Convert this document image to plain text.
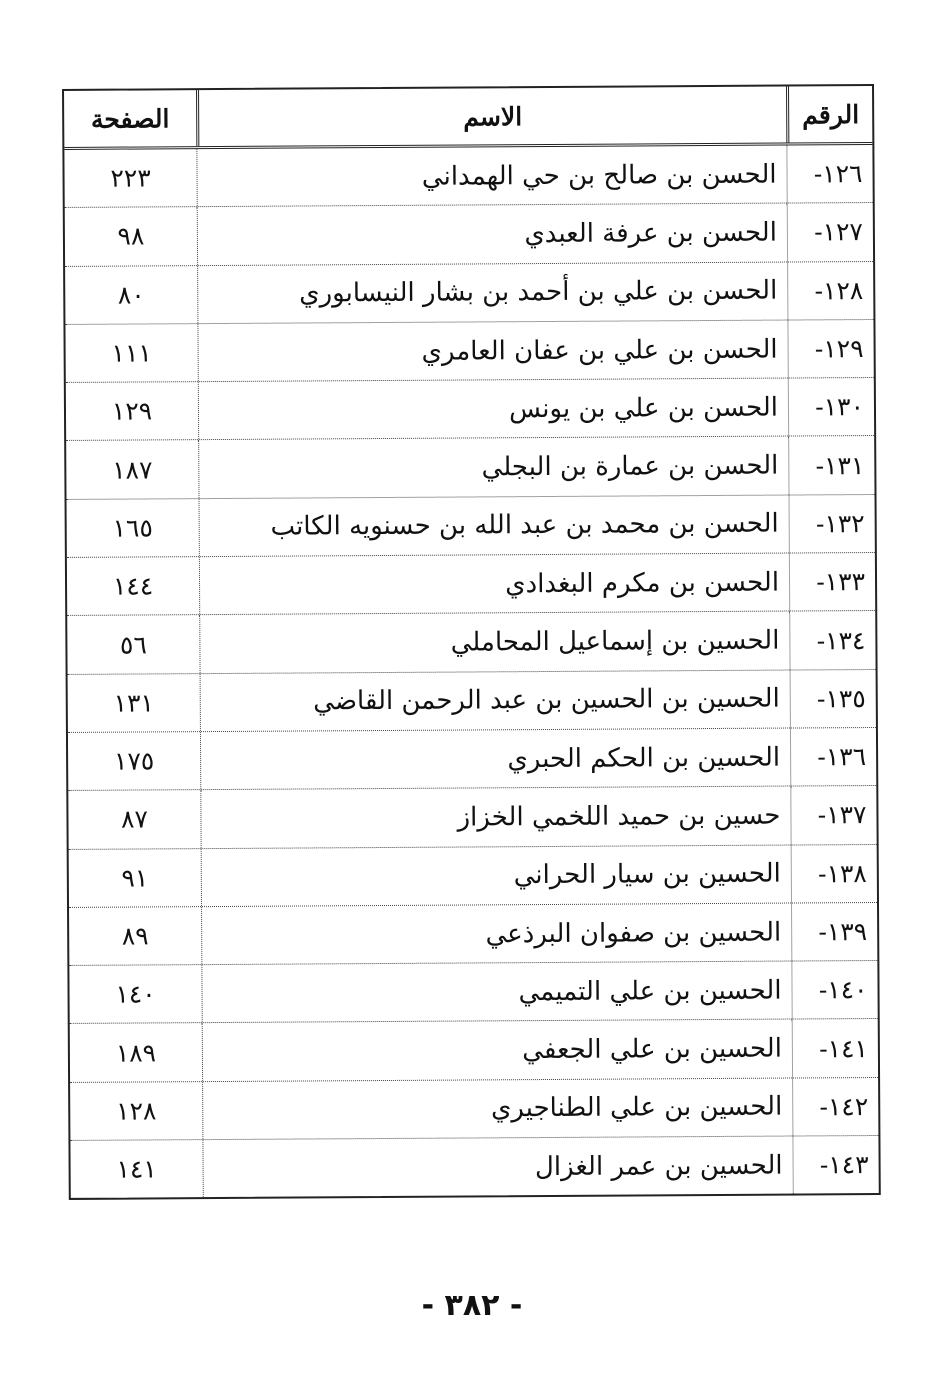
الرقم
الاسم
الصفحة
١٢٦-
الحسن بن صالح بن حي الهمداني
٢٢٣
١٢٧-
الحسن بن عرفة العبدي
٩٨
١٢٨-
الحسن بن علي بن أحمد بن بشار النيسابوري
٨٠
١٢٩-
الحسن بن علي بن عفان العامري
١١١
١٣٠-
الحسن بن علي بن يونس
١٢٩
١٣١-
الحسن بن عمارة بن البجلي
١٨٧
١٣٢-
الحسن بن محمد بن عبد الله بن حسنويه الكاتب
١٦٥
١٣٣-
الحسن بن مكرم البغدادي
١٤٤
١٣٤-
الحسين بن إسماعيل المحاملي
٥٦
١٣٥-
الحسين بن الحسين بن عبد الرحمن القاضي
١٣١
١٣٦-
الحسين بن الحكم الحبري
١٧٥
١٣٧-
حسين بن حميد اللخمي الخزاز
٨٧
١٣٨-
الحسين بن سيار الحراني
٩١
١٣٩-
الحسين بن صفوان البرذعي
٨٩
١٤٠-
الحسين بن علي التميمي
١٤٠
١٤١-
الحسين بن علي الجعفي
١٨٩
١٤٢-
الحسين بن علي الطناجيري
١٢٨
١٤٣-
الحسين بن عمر الغزال
١٤١
- ٣٨٢ -
